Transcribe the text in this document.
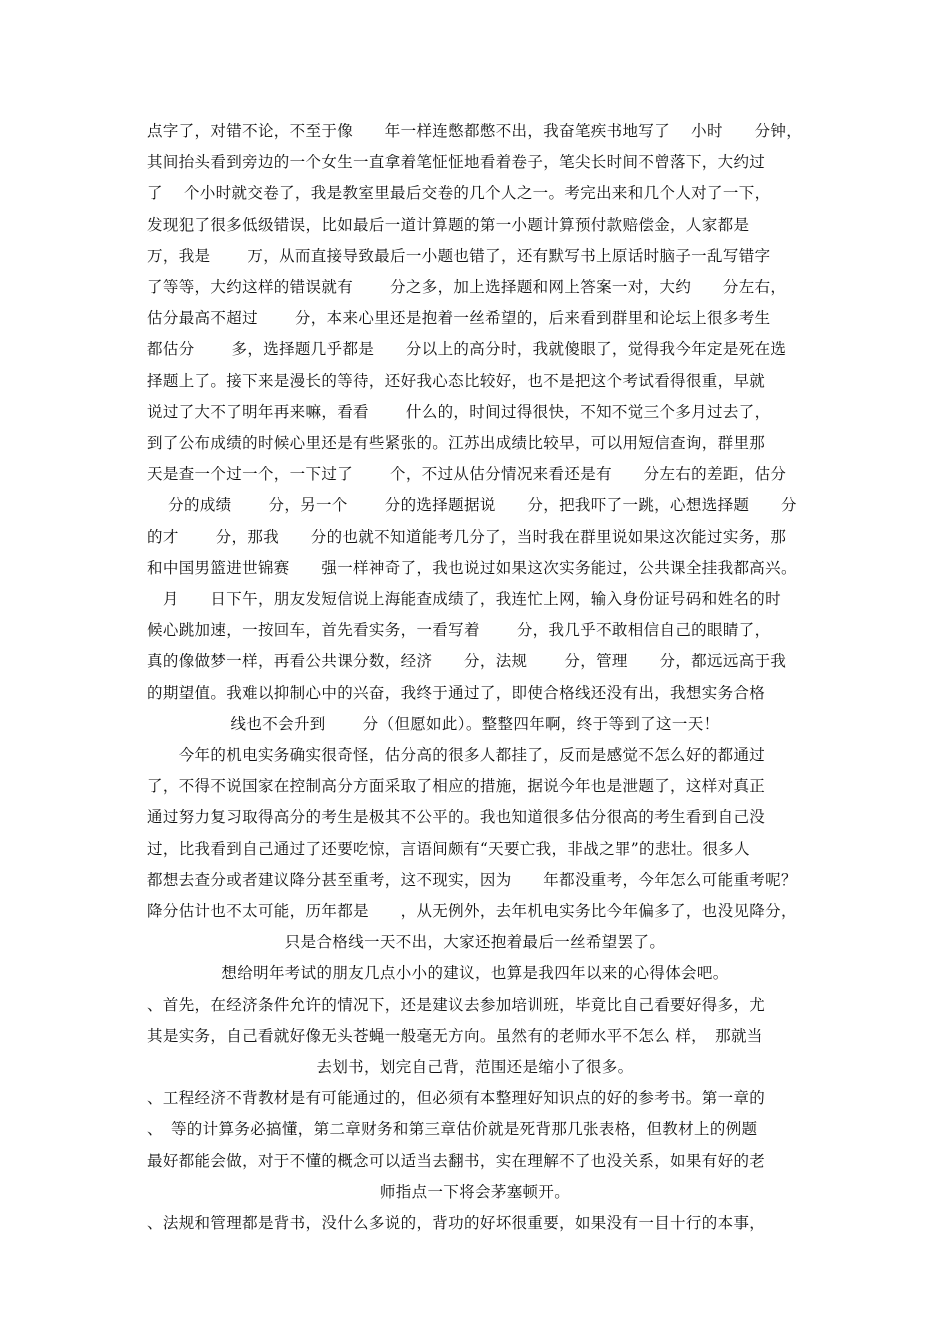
点字了，对错不论，不至于像　　年一样连憋都憋不出，我奋笔疾书地写了　 小时　　分钟，
其间抬头看到旁边的一个女生一直拿着笔怔怔地看着卷子，笔尖长时间不曾落下，大约过
了　 个小时就交卷了，我是教室里最后交卷的几个人之一。考完出来和几个人对了一下，
发现犯了很多低级错误，比如最后一道计算题的第一小题计算预付款赔偿金，人家都是
万，我是　　 万，从而直接导致最后一小题也错了，还有默写书上原话时脑子一乱写错字
了等等，大约这样的错误就有　　 分之多，加上选择题和网上答案一对，大约　　分左右，
估分最高不超过　　 分，本来心里还是抱着一丝希望的，后来看到群里和论坛上很多考生
都估分　　 多，选择题几乎都是　　分以上的高分时，我就傻眼了，觉得我今年定是死在选
择题上了。接下来是漫长的等待，还好我心态比较好，也不是把这个考试看得很重，早就
说过了大不了明年再来嘛，看看　　 什么的，时间过得很快，不知不觉三个多月过去了，
到了公布成绩的时候心里还是有些紧张的。江苏出成绩比较早，可以用短信查询，群里那
天是查一个过一个，一下过了　　 个，不过从估分情况来看还是有　　分左右的差距，估分
　 分的成绩　　 分，另一个　　 分的选择题据说　　分，把我吓了一跳，心想选择题　　分
的才　　 分，那我　　分的也就不知道能考几分了，当时我在群里说如果这次能过实务，那
和中国男篮进世锦赛　　强一样神奇了，我也说过如果这次实务能过，公共课全挂我都高兴。
　月　　日下午，朋友发短信说上海能查成绩了，我连忙上网，输入身份证号码和姓名的时
候心跳加速，一按回车，首先看实务，一看写着　　 分，我几乎不敢相信自己的眼睛了，
真的像做梦一样，再看公共课分数，经济　　分，法规　　 分，管理　　分，都远远高于我
的期望值。我难以抑制心中的兴奋，我终于通过了，即使合格线还没有出，我想实务合格
线也不会升到　　 分（但愿如此）。整整四年啊，终于等到了这一天！
　　今年的机电实务确实很奇怪，估分高的很多人都挂了，反而是感觉不怎么好的都通过
了，不得不说国家在控制高分方面采取了相应的措施，据说今年也是泄题了，这样对真正
通过努力复习取得高分的考生是极其不公平的。我也知道很多估分很高的考生看到自己没
过，比我看到自己通过了还要吃惊，言语间颇有“天要亡我，非战之罪”的悲壮。很多人
都想去查分或者建议降分甚至重考，这不现实，因为　　年都没重考，今年怎么可能重考呢？
降分估计也不太可能，历年都是　　，从无例外，去年机电实务比今年偏多了，也没见降分，
只是合格线一天不出，大家还抱着最后一丝希望罢了。
想给明年考试的朋友几点小小的建议，也算是我四年以来的心得体会吧。
、首先，在经济条件允许的情况下，还是建议去参加培训班，毕竟比自己看要好得多，尤
其是实务，自己看就好像无头苍蝇一般毫无方向。虽然有的老师水平不怎么 样，　那就当
去划书，划完自己背，范围还是缩小了很多。
、工程经济不背教材是有可能通过的，但必须有本整理好知识点的好的参考书。第一章的
、　等的计算务必搞懂，第二章财务和第三章估价就是死背那几张表格，但教材上的例题
最好都能会做，对于不懂的概念可以适当去翻书，实在理解不了也没关系，如果有好的老
师指点一下将会茅塞顿开。
、法规和管理都是背书，没什么多说的，背功的好坏很重要，如果没有一目十行的本事，
